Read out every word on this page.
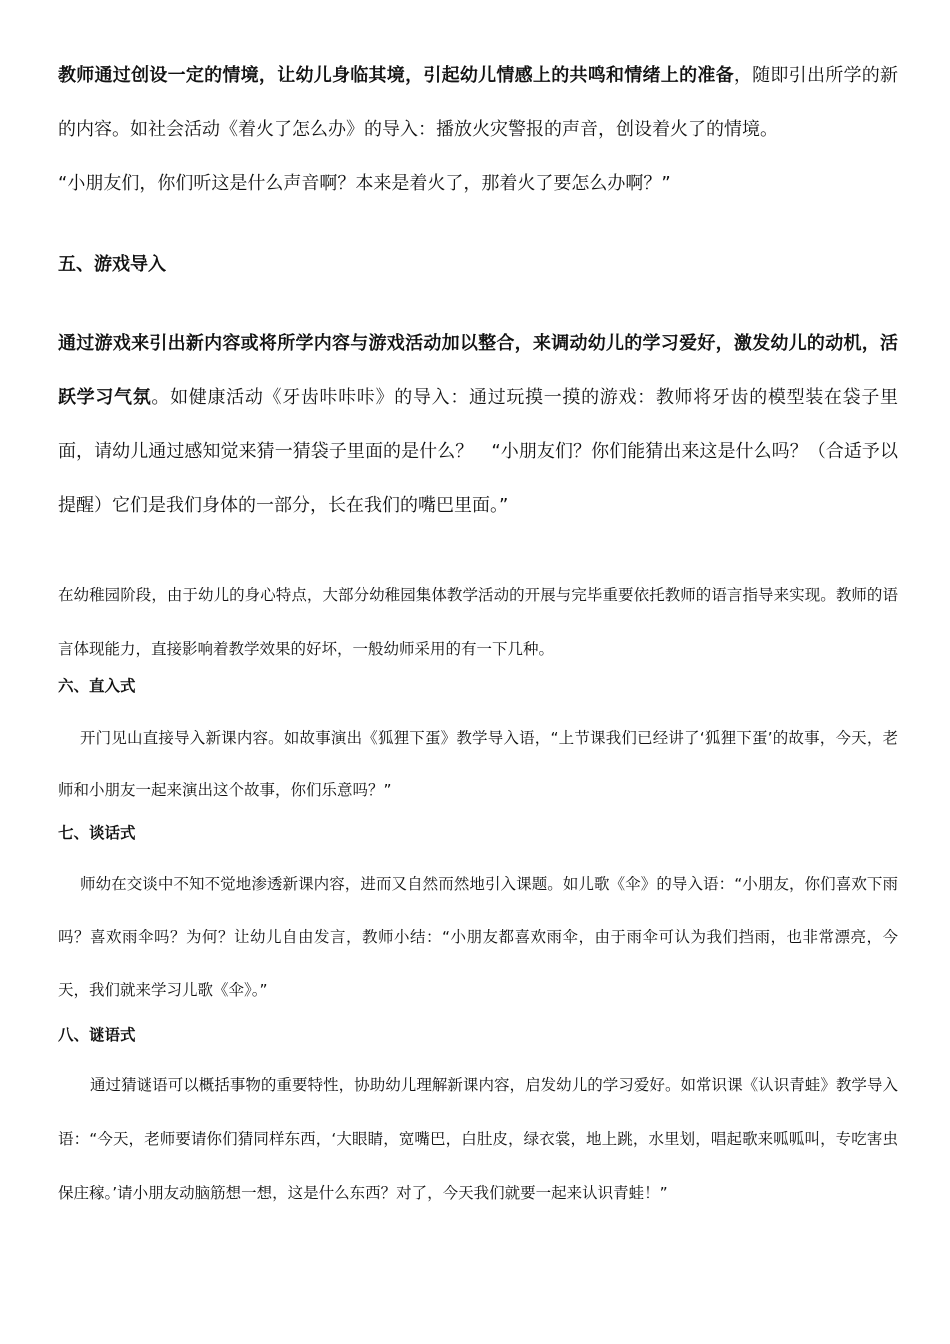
教师通过创设一定的情境，让幼儿身临其境，引起幼儿情感上的共鸣和情绪上的准备，随即引出所学的新的内容。如社会活动《着火了怎么办》的导入：播放火灾警报的声音，创设着火了的情境。
“小朋友们，你们听这是什么声音啊？本来是着火了，那着火了要怎么办啊？”

五、游戏导入

通过游戏来引出新内容或将所学内容与游戏活动加以整合，来调动幼儿的学习爱好，激发幼儿的动机，活跃学习气氛。如健康活动《牙齿咔咔咔》的导入：通过玩摸一摸的游戏：教师将牙齿的模型装在袋子里面，请幼儿通过感知觉来猜一猜袋子里面的是什么？　“小朋友们？你们能猜出来这是什么吗？（合适予以提醒）它们是我们身体的一部分，长在我们的嘴巴里面。”

在幼稚园阶段，由于幼儿的身心特点，大部分幼稚园集体教学活动的开展与完毕重要依托教师的语言指导来实现。教师的语言体现能力，直接影响着教学效果的好坏，一般幼师采用的有一下几种。

六、直入式

开门见山直接导入新课内容。如故事演出《狐狸下蛋》教学导入语，“上节课我们已经讲了‘狐狸下蛋’的故事，今天，老师和小朋友一起来演出这个故事，你们乐意吗？”

七、谈话式

师幼在交谈中不知不觉地渗透新课内容，进而又自然而然地引入课题。如儿歌《伞》的导入语：“小朋友，你们喜欢下雨吗？喜欢雨伞吗？为何？让幼儿自由发言，教师小结：“小朋友都喜欢雨伞，由于雨伞可认为我们挡雨，也非常漂亮，今天，我们就来学习儿歌《伞》。”

八、谜语式

通过猜谜语可以概括事物的重要特性，协助幼儿理解新课内容，启发幼儿的学习爱好。如常识课《认识青蛙》教学导入语：“今天，老师要请你们猜同样东西，‘大眼睛，宽嘴巴，白肚皮，绿衣裳，地上跳，水里划，唱起歌来呱呱叫，专吃害虫保庄稼。’请小朋友动脑筋想一想，这是什么东西？对了，今天我们就要一起来认识青蛙！”
